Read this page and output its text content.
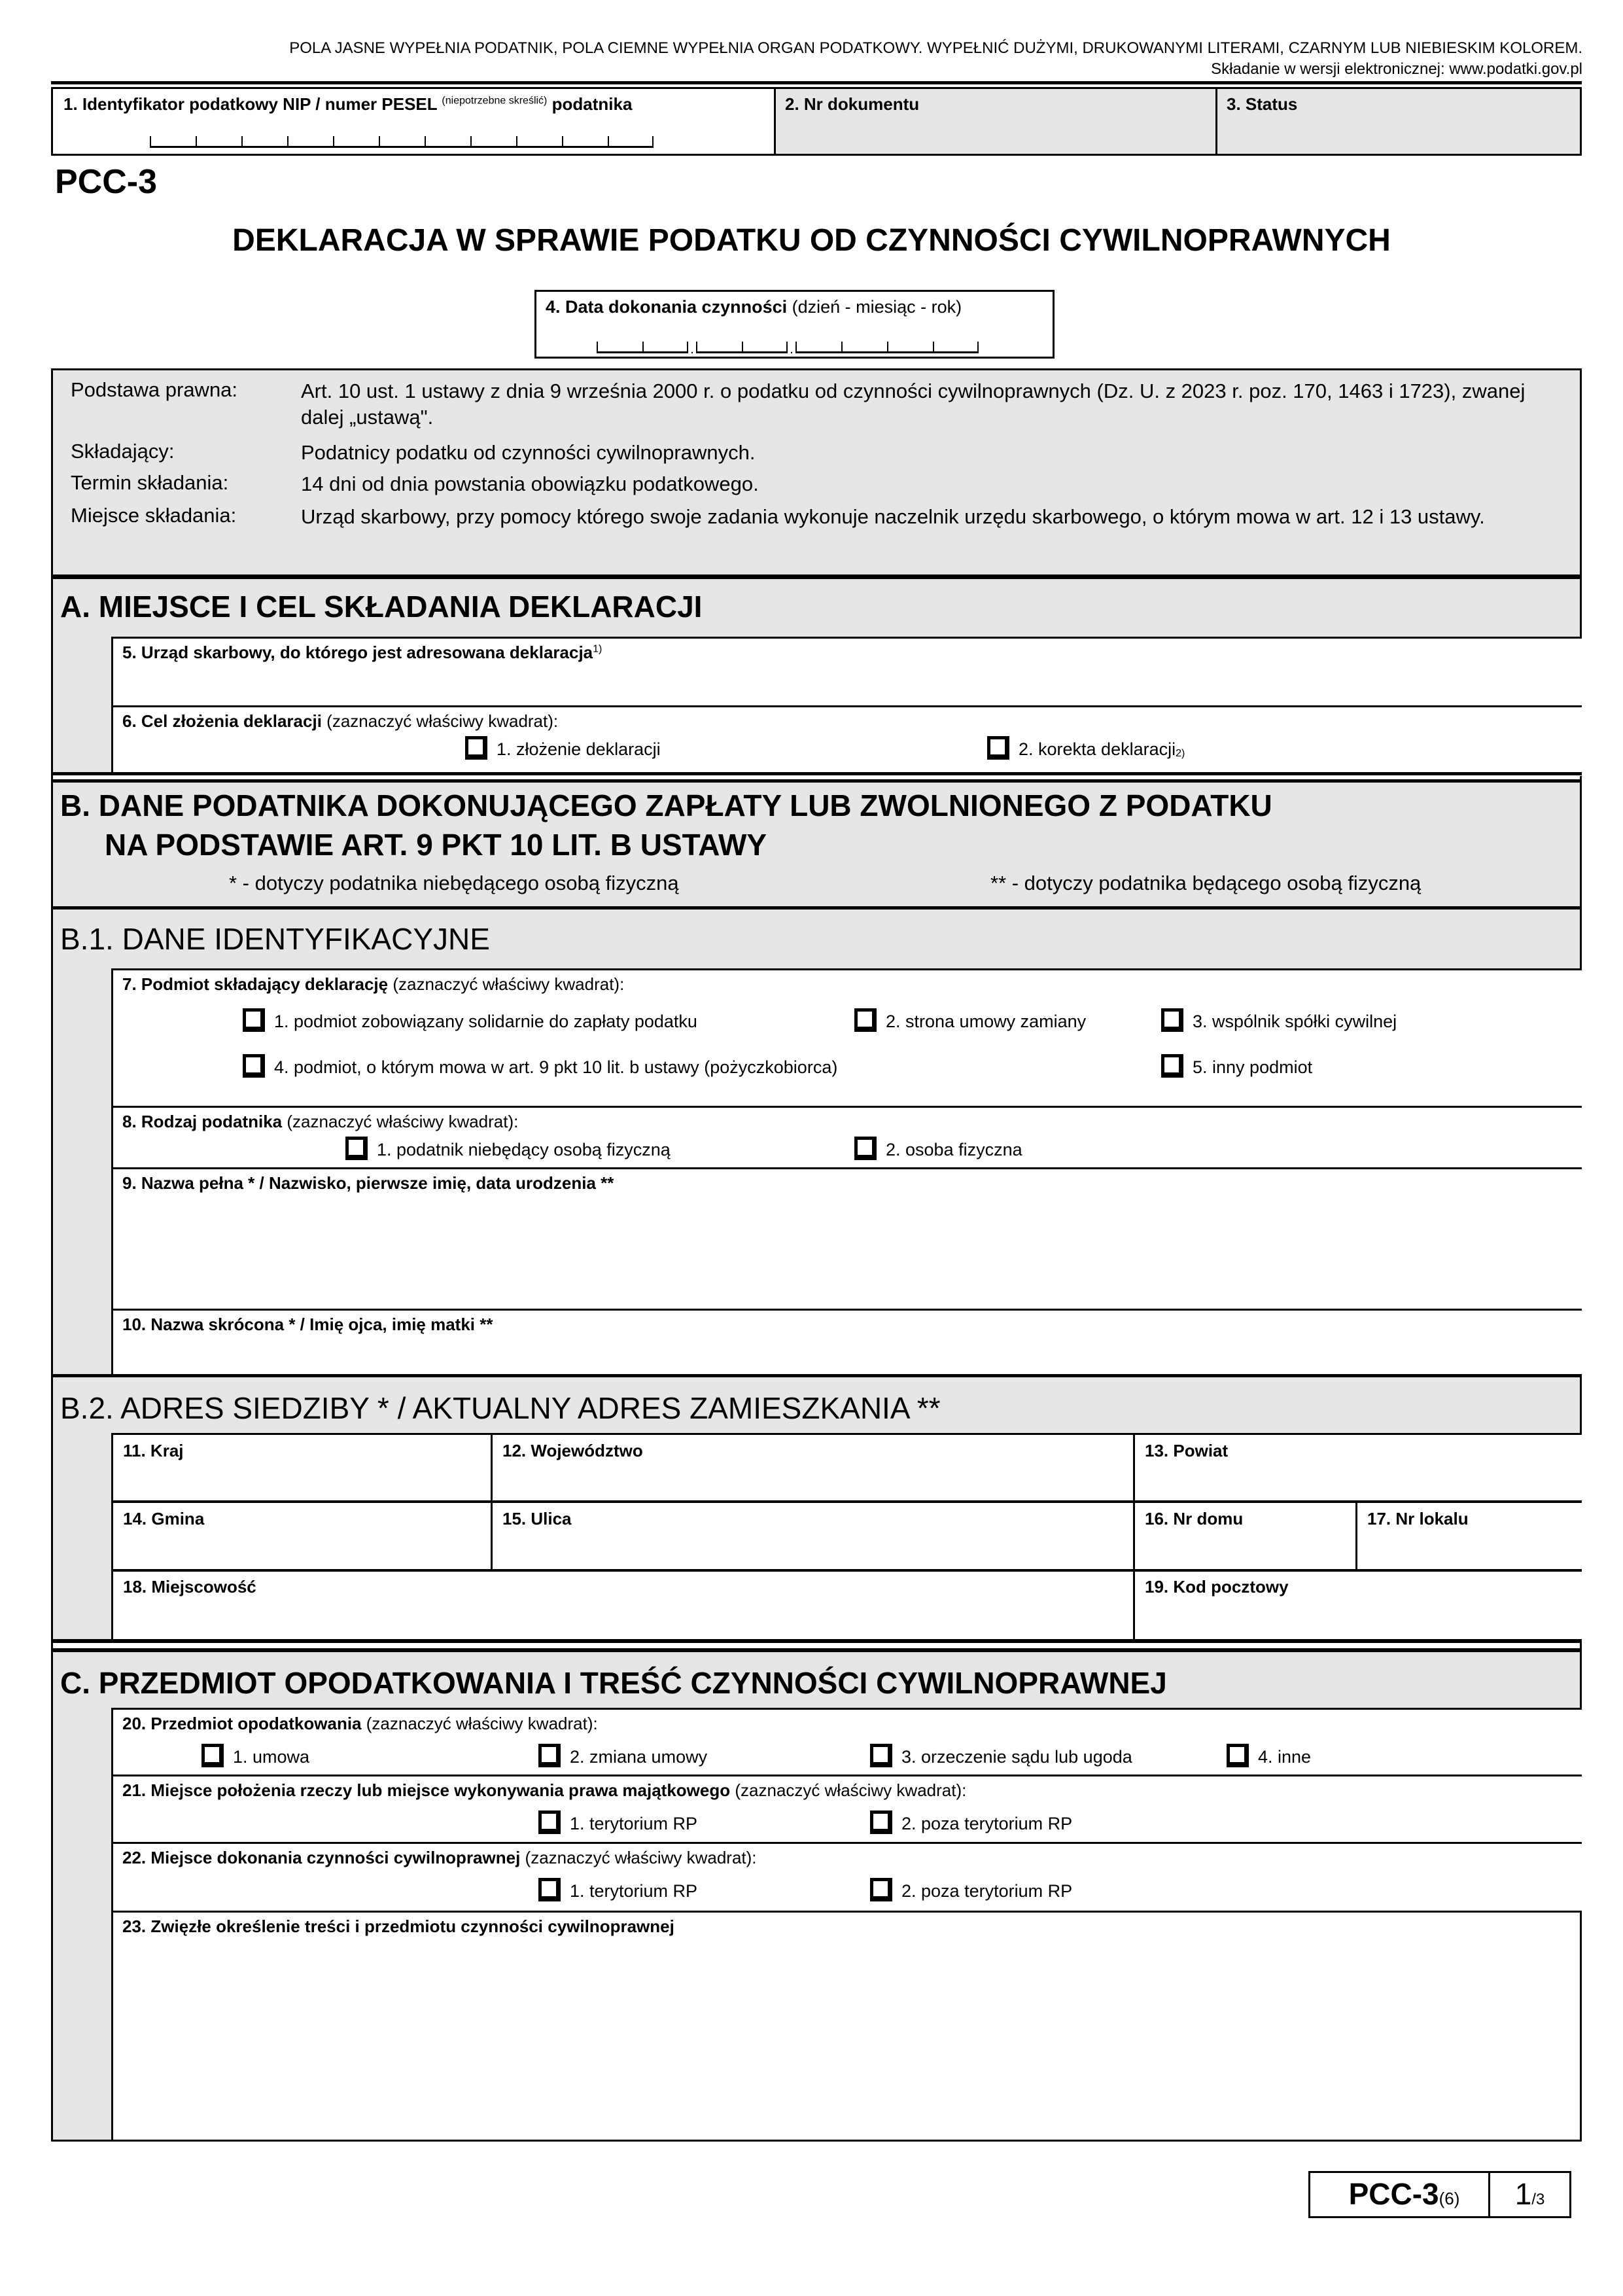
POLA JASNE WYPEŁNIA PODATNIK, POLA CIEMNE WYPEŁNIA ORGAN PODATKOWY. WYPEŁNIĆ DUŻYMI, DRUKOWANYMI LITERAMI, CZARNYM LUB NIEBIESKIM KOLOREM.
Składanie w wersji elektronicznej: www.podatki.gov.pl
1. Identyfikator podatkowy NIP / numer PESEL $^{(niepotrzebne skreślić)}$ podatnika	2. Nr dokumentu	3. Status
PCC-3
DEKLARACJA W SPRAWIE PODATKU OD CZYNNOŚCI CYWILNOPRAWNYCH
4. Data dokonania czynności (dzień - miesiąc - rok)
.	.
Podstawa prawna:	Art. 10 ust. 1 ustawy z dnia 9 września 2000 r. o podatku od czynności cywilnoprawnych (Dz. U. z 2023 r. poz. 170, 1463 i 1723), zwanej dalej „ustawą".
Składający:	Podatnicy podatku od czynności cywilnoprawnych.
Termin składania:	14 dni od dnia powstania obowiązku podatkowego.
Miejsce składania:	Urząd skarbowy, przy pomocy którego swoje zadania wykonuje naczelnik urzędu skarbowego, o którym mowa w art. 12 i 13 ustawy.
A. MIEJSCE I CEL SKŁADANIA DEKLARACJI
5. Urząd skarbowy, do którego jest adresowana deklaracja$^{1)}$
6. Cel złożenia deklaracji (zaznaczyć właściwy kwadrat):
1. złożenie deklaracji	2. korekta deklaracji$_{2)}$
B. DANE PODATNIKA DOKONUJĄCEGO ZAPŁATY LUB ZWOLNIONEGO Z PODATKU
NA PODSTAWIE ART. 9 PKT 10 LIT. B USTAWY
* - dotyczy podatnika niebędącego osobą fizyczną	** - dotyczy podatnika będącego osobą fizyczną
B.1. DANE IDENTYFIKACYJNE
7. Podmiot składający deklarację (zaznaczyć właściwy kwadrat):
1. podmiot zobowiązany solidarnie do zapłaty podatku	2. strona umowy zamiany	3. wspólnik spółki cywilnej
4. podmiot, o którym mowa w art. 9 pkt 10 lit. b ustawy (pożyczkobiorca)	5. inny podmiot
8. Rodzaj podatnika (zaznaczyć właściwy kwadrat):
1. podatnik niebędący osobą fizyczną	2. osoba fizyczna
9. Nazwa pełna * / Nazwisko, pierwsze imię, data urodzenia **
10. Nazwa skrócona * / Imię ojca, imię matki **
B.2. ADRES SIEDZIBY * / AKTUALNY ADRES ZAMIESZKANIA **
11. Kraj	12. Województwo	13. Powiat
14. Gmina	15. Ulica	16. Nr domu	17. Nr lokalu
18. Miejscowość	19. Kod pocztowy
C. PRZEDMIOT OPODATKOWANIA I TREŚĆ CZYNNOŚCI CYWILNOPRAWNEJ
20. Przedmiot opodatkowania (zaznaczyć właściwy kwadrat):
1. umowa	2. zmiana umowy	3. orzeczenie sądu lub ugoda	4. inne
21. Miejsce położenia rzeczy lub miejsce wykonywania prawa majątkowego (zaznaczyć właściwy kwadrat):
1. terytorium RP	2. poza terytorium RP
22. Miejsce dokonania czynności cywilnoprawnej (zaznaczyć właściwy kwadrat):
1. terytorium RP	2. poza terytorium RP
23. Zwięzłe określenie treści i przedmiotu czynności cywilnoprawnej
PCC-3(6)	1/3
